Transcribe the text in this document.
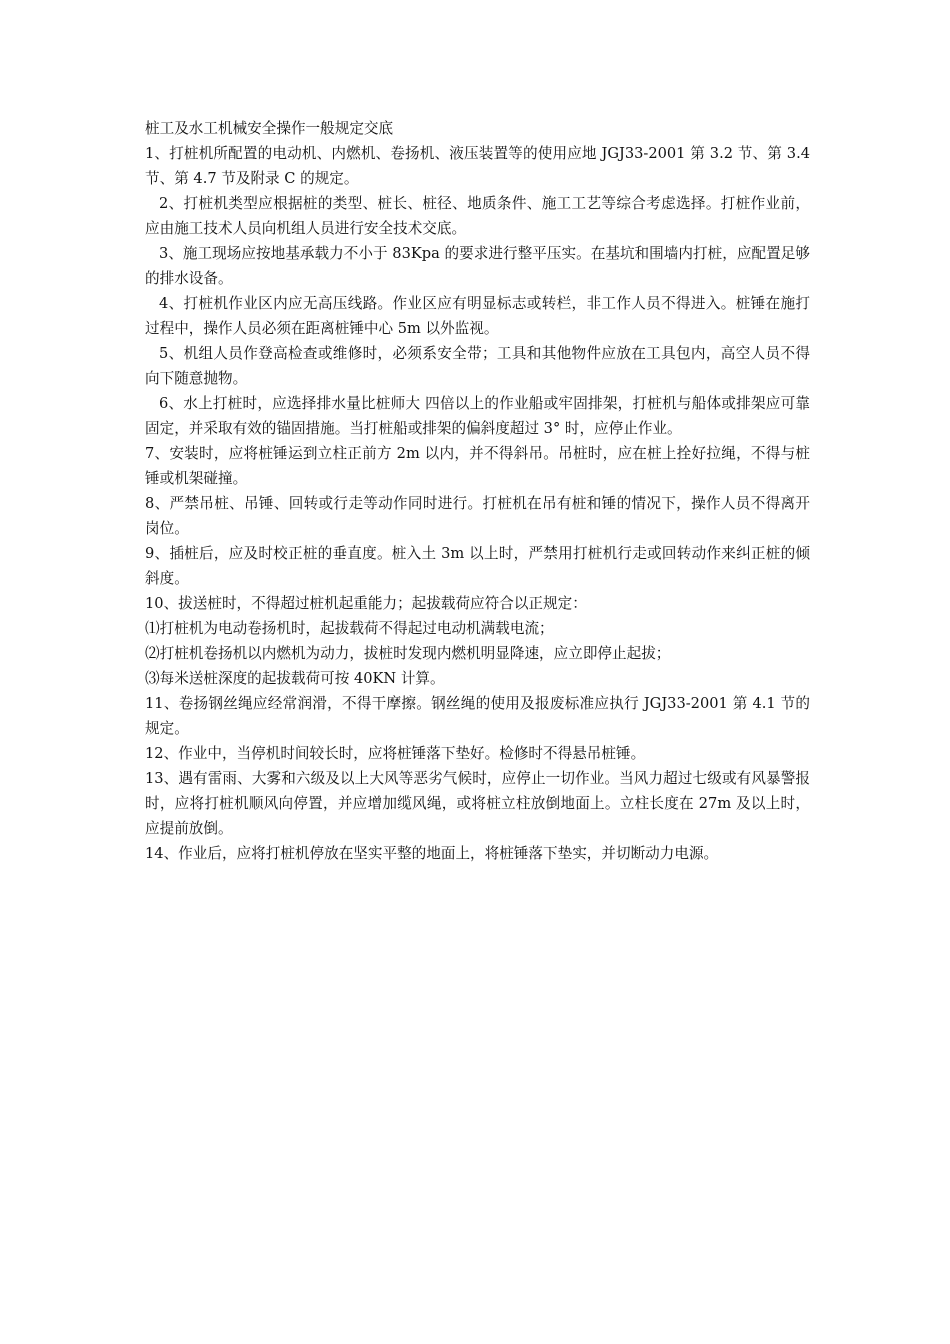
桩工及水工机械安全操作一般规定交底

1、打桩机所配置的电动机、内燃机、卷扬机、液压装置等的使用应地 JGJ33-2001 第 3.2 节、第 3.4 节、第 4.7 节及附录 C 的规定。

2、打桩机类型应根据桩的类型、桩长、桩径、地质条件、施工工艺等综合考虑选择。打桩作业前，应由施工技术人员向机组人员进行安全技术交底。

3、施工现场应按地基承载力不小于 83Kpa 的要求进行整平压实。在基坑和围墙内打桩，应配置足够的排水设备。

4、打桩机作业区内应无高压线路。作业区应有明显标志或转栏，非工作人员不得进入。桩锤在施打过程中，操作人员必须在距离桩锤中心 5m 以外监视。

5、机组人员作登高检查或维修时，必须系安全带；工具和其他物件应放在工具包内，高空人员不得向下随意抛物。

6、水上打桩时，应选择排水量比桩师大 四倍以上的作业船或牢固排架，打桩机与船体或排架应可靠固定，并采取有效的锚固措施。当打桩船或排架的偏斜度超过 3° 时，应停止作业。

7、安装时，应将桩锤运到立柱正前方 2m 以内，并不得斜吊。吊桩时，应在桩上拴好拉绳，不得与桩锤或机架碰撞。

8、严禁吊桩、吊锤、回转或行走等动作同时进行。打桩机在吊有桩和锤的情况下，操作人员不得离开岗位。

9、插桩后，应及时校正桩的垂直度。桩入土 3m 以上时，严禁用打桩机行走或回转动作来纠正桩的倾斜度。

10、拔送桩时，不得超过桩机起重能力；起拔载荷应符合以正规定：

⑴打桩机为电动卷扬机时，起拔载荷不得起过电动机满载电流；

⑵打桩机卷扬机以内燃机为动力，拔桩时发现内燃机明显降速，应立即停止起拔；

⑶每米送桩深度的起拔载荷可按 40KN 计算。

11、卷扬钢丝绳应经常润滑，不得干摩擦。钢丝绳的使用及报废标准应执行 JGJ33-2001 第 4.1 节的规定。

12、作业中，当停机时间较长时，应将桩锤落下垫好。检修时不得悬吊桩锤。

13、遇有雷雨、大雾和六级及以上大风等恶劣气候时，应停止一切作业。当风力超过七级或有风暴警报时，应将打桩机顺风向停置，并应增加缆风绳，或将桩立柱放倒地面上。立柱长度在 27m 及以上时，应提前放倒。

14、作业后，应将打桩机停放在坚实平整的地面上，将桩锤落下垫实，并切断动力电源。
